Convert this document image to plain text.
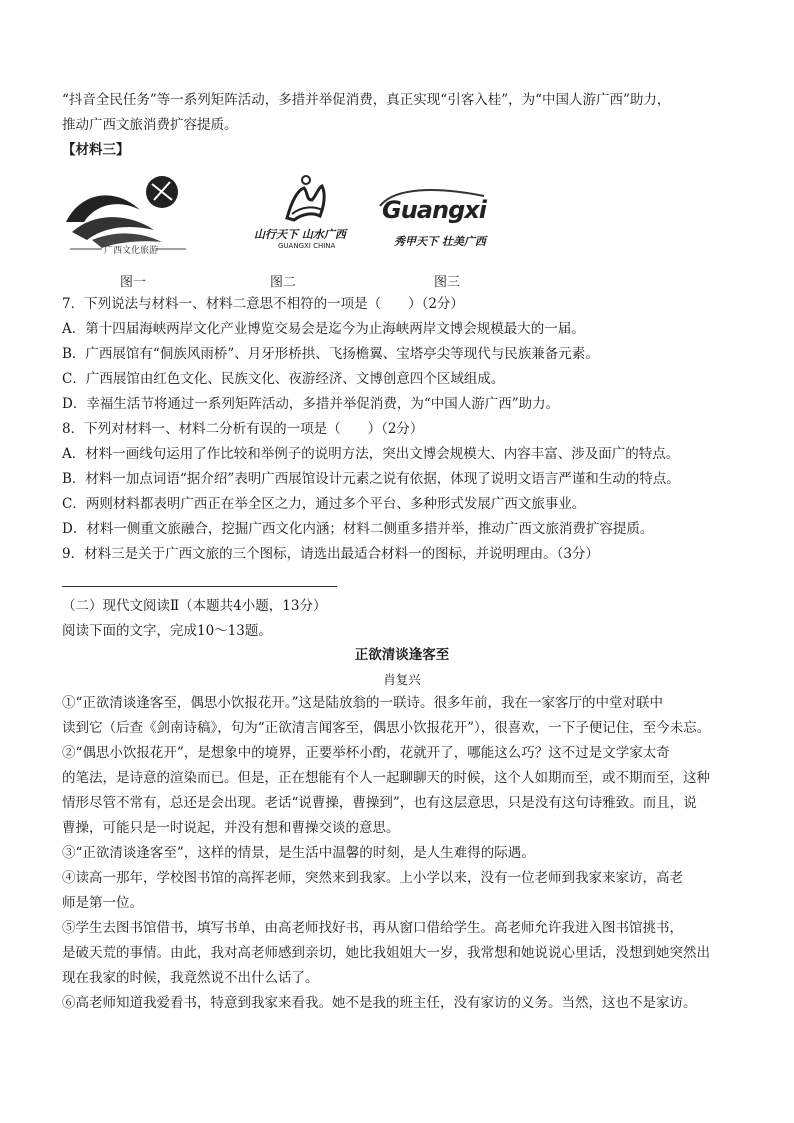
“抖音全民任务”等一系列矩阵活动，多措并举促消费，真正实现“引客入桂”，为“中国人游广西”助力，
推动广西文旅消费扩容提质。
【材料三】
广西文化旅游
图一
山行天下 山水广西
GUANGXI CHINA
图二
Guangxi
秀甲天下 壮美广西
图三
7．下列说法与材料一、材料二意思不相符的一项是（　　）（2分）
A．第十四届海峡两岸文化产业博览交易会是迄今为止海峡两岸文博会规模最大的一届。
B．广西展馆有“侗族风雨桥”、月牙形桥拱、飞扬檐翼、宝塔亭尖等现代与民族兼备元素。
C．广西展馆由红色文化、民族文化、夜游经济、文博创意四个区域组成。
D．幸福生活节将通过一系列矩阵活动，多措并举促消费，为“中国人游广西”助力。
8．下列对材料一、材料二分析有误的一项是（　　）（2分）
A．材料一画线句运用了作比较和举例子的说明方法，突出文博会规模大、内容丰富、涉及面广的特点。
B．材料一加点词语“据介绍”表明广西展馆设计元素之说有依据，体现了说明文语言严谨和生动的特点。
C．两则材料都表明广西正在举全区之力，通过多个平台、多种形式发展广西文旅事业。
D．材料一侧重文旅融合，挖掘广西文化内涵；材料二侧重多措并举，推动广西文旅消费扩容提质。
9．材料三是关于广西文旅的三个图标，请选出最适合材料一的图标，并说明理由。（3分）
（二）现代文阅读Ⅱ（本题共4小题，13分）
阅读下面的文字，完成10～13题。
正欲清谈逢客至
肖复兴
①“正欲清谈逢客至，偶思小饮报花开。”这是陆放翁的一联诗。很多年前，我在一家客厅的中堂对联中
读到它（后查《剑南诗稿》，句为“正欲清言闻客至，偶思小饮报花开”），很喜欢，一下子便记住，至今未忘。
②“偶思小饮报花开”，是想象中的境界，正要举杯小酌，花就开了，哪能这么巧？这不过是文学家太奇
的笔法，是诗意的渲染而已。但是，正在想能有个人一起聊聊天的时候，这个人如期而至，或不期而至，这种
情形尽管不常有，总还是会出现。老话“说曹操，曹操到”，也有这层意思，只是没有这句诗雅致。而且，说
曹操，可能只是一时说起，并没有想和曹操交谈的意思。
③“正欲清谈逢客至”，这样的情景，是生活中温馨的时刻，是人生难得的际遇。
④读高一那年，学校图书馆的高挥老师，突然来到我家。上小学以来，没有一位老师到我家来家访，高老
师是第一位。
⑤学生去图书馆借书，填写书单，由高老师找好书，再从窗口借给学生。高老师允许我进入图书馆挑书，
是破天荒的事情。由此，我对高老师感到亲切，她比我姐姐大一岁，我常想和她说说心里话，没想到她突然出
现在我家的时候，我竟然说不出什么话了。
⑥高老师知道我爱看书，特意到我家来看我。她不是我的班主任，没有家访的义务。当然，这也不是家访。
